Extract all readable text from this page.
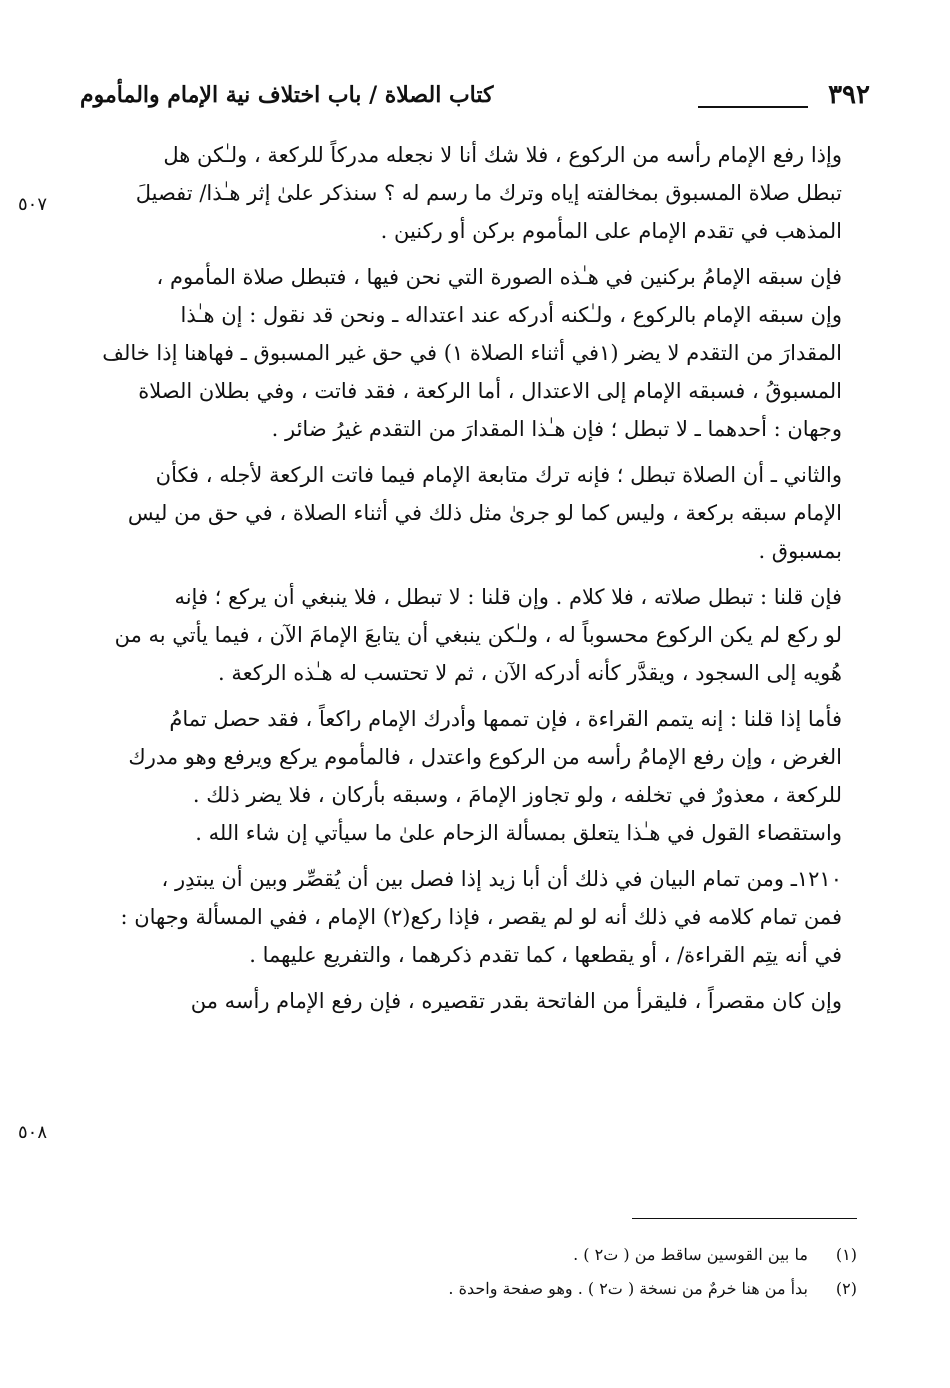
٣٩٢
كتاب الصلاة / باب اختلاف نية الإمام والمأموم
٥٠٧
٥٠٨
وإذا رفع الإمام رأسه من الركوع ، فلا شك أنا لا نجعله مدركاً للركعة ، ولـٰكن هل
تبطل صلاة المسبوق بمخالفته إياه وترك ما رسم له ؟ سنذكر علىٰ إثر هـٰذا/ تفصيلَ
المذهب في تقدم الإمام على المأموم بركن أو ركنين .
فإن سبقه الإمامُ بركنين في هـٰذه الصورة التي نحن فيها ، فتبطل صلاة المأموم ،
وإن سبقه الإمام بالركوع ، ولـٰكنه أدركه عند اعتداله ـ ونحن قد نقول : إن هـٰذا
المقدارَ من التقدم لا يضر (١في أثناء الصلاة ١) في حق غير المسبوق ـ فهاهنا إذا خالف
المسبوقُ ، فسبقه الإمام إلى الاعتدال ، أما الركعة ، فقد فاتت ، وفي بطلان الصلاة
وجهان : أحدهما ـ لا تبطل ؛ فإن هـٰذا المقدارَ من التقدم غيرُ ضائر .
والثاني ـ أن الصلاة تبطل ؛ فإنه ترك متابعة الإمام فيما فاتت الركعة لأجله ، فكأن
الإمام سبقه بركعة ، وليس كما لو جرىٰ مثل ذلك في أثناء الصلاة ، في حق من ليس
بمسبوق .
فإن قلنا : تبطل صلاته ، فلا كلام . وإن قلنا : لا تبطل ، فلا ينبغي أن يركع ؛ فإنه
لو ركع لم يكن الركوع محسوباً له ، ولـٰكن ينبغي أن يتابعَ الإمامَ الآن ، فيما يأتي به من
هُويه إلى السجود ، ويقدَّر كأنه أدركه الآن ، ثم لا تحتسب له هـٰذه الركعة .
فأما إذا قلنا : إنه يتمم القراءة ، فإن تممها وأدرك الإمام راكعاً ، فقد حصل تمامُ
الغرض ، وإن رفع الإمامُ رأسه من الركوع واعتدل ، فالمأموم يركع ويرفع وهو مدرك
للركعة ، معذورٌ في تخلفه ، ولو تجاوز الإمامَ ، وسبقه بأركان ، فلا يضر ذلك .
واستقصاء القول في هـٰذا يتعلق بمسألة الزحام علىٰ ما سيأتي إن شاء الله .
١٢١٠ـ ومن تمام البيان في ذلك أن أبا زيد إذا فصل بين أن يُقصِّر وبين أن يبتدِر ،
فمن تمام كلامه في ذلك أنه لو لم يقصر ، فإذا ركع(٢) الإمام ، ففي المسألة وجهان :
في أنه يتِم القراءة/ ، أو يقطعها ، كما تقدم ذكرهما ، والتفريع عليهما .
وإن كان مقصراً ، فليقرأ من الفاتحة بقدر تقصيره ، فإن رفع الإمام رأسه من
(١) ما بين القوسين ساقط من ( ت٢ ) .
(٢) بدأ من هنا خرمٌ من نسخة ( ت٢ ) . وهو صفحة واحدة .
